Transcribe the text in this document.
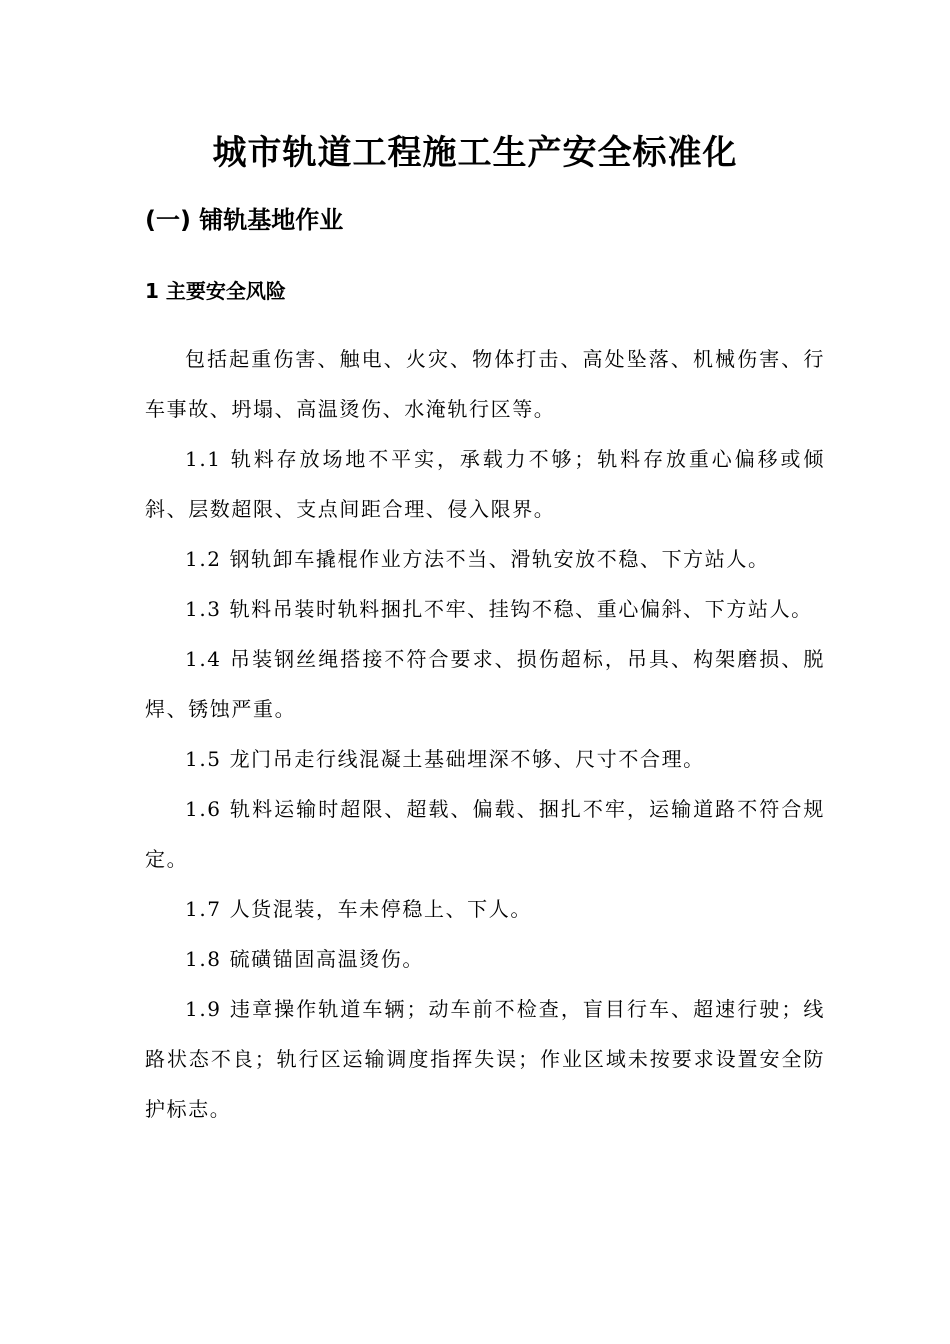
城市轨道工程施工生产安全标准化
(一) 铺轨基地作业
1 主要安全风险

包括起重伤害、触电、火灾、物体打击、高处坠落、机械伤害、行车事故、坍塌、高温烫伤、水淹轨行区等。

1.1 轨料存放场地不平实，承载力不够；轨料存放重心偏移或倾斜、层数超限、支点间距合理、侵入限界。

1.2 钢轨卸车撬棍作业方法不当、滑轨安放不稳、下方站人。

1.3 轨料吊装时轨料捆扎不牢、挂钩不稳、重心偏斜、下方站人。

1.4 吊装钢丝绳搭接不符合要求、损伤超标，吊具、构架磨损、脱焊、锈蚀严重。

1.5 龙门吊走行线混凝土基础埋深不够、尺寸不合理。

1.6 轨料运输时超限、超载、偏载、捆扎不牢，运输道路不符合规定。

1.7 人货混装，车未停稳上、下人。

1.8 硫磺锚固高温烫伤。

1.9 违章操作轨道车辆；动车前不检查，盲目行车、超速行驶；线路状态不良；轨行区运输调度指挥失误；作业区域未按要求设置安全防护标志。
